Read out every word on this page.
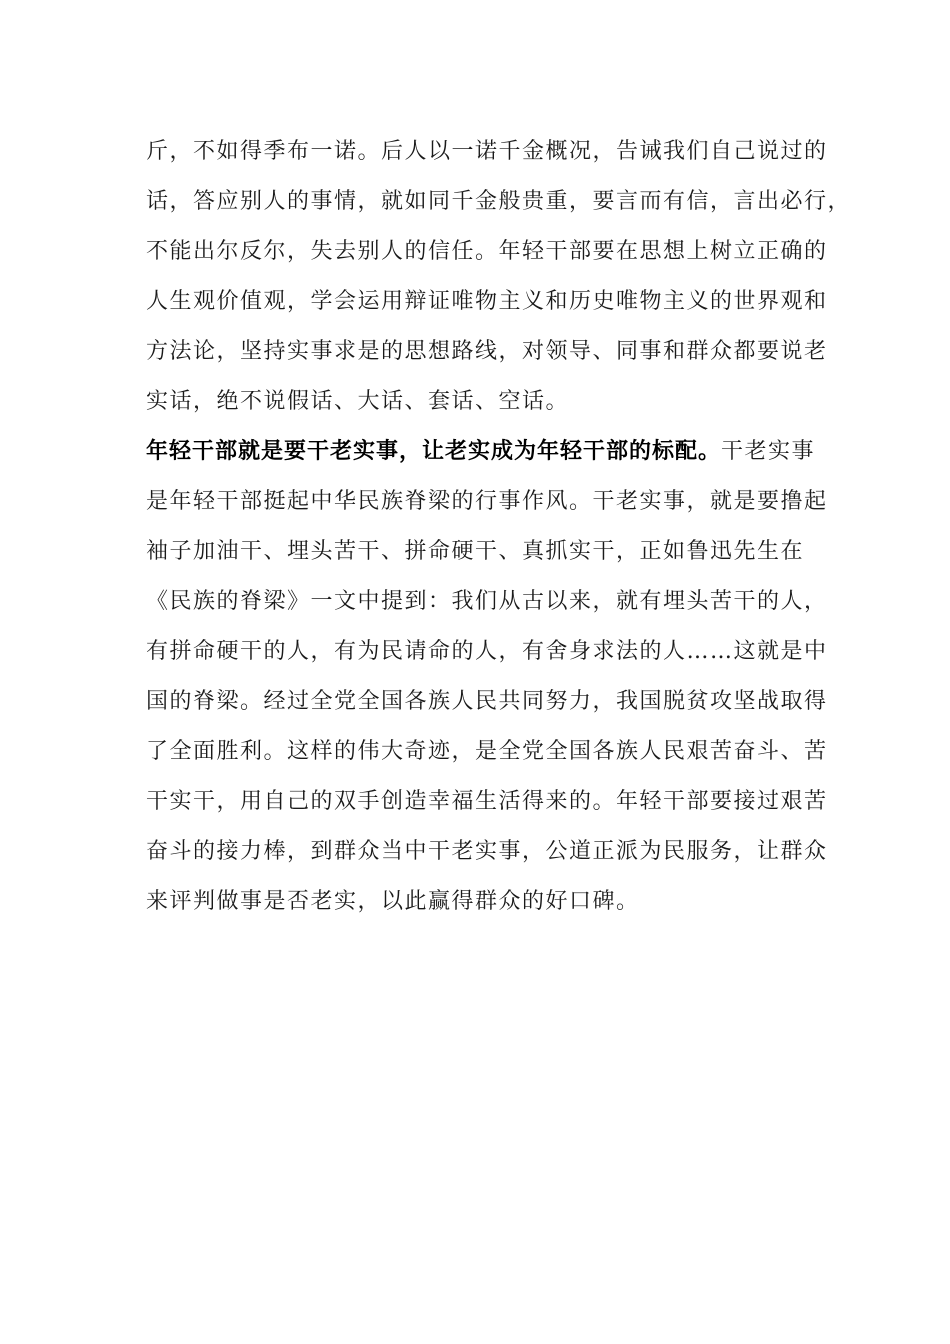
斤，不如得季布一诺。后人以一诺千金概况，告诫我们自己说过的
话，答应别人的事情，就如同千金般贵重，要言而有信，言出必行，
不能出尔反尔，失去别人的信任。年轻干部要在思想上树立正确的
人生观价值观，学会运用辩证唯物主义和历史唯物主义的世界观和
方法论，坚持实事求是的思想路线，对领导、同事和群众都要说老
实话，绝不说假话、大话、套话、空话。
年轻干部就是要干老实事，让老实成为年轻干部的标配。干老实事
是年轻干部挺起中华民族脊梁的行事作风。干老实事，就是要撸起
袖子加油干、埋头苦干、拼命硬干、真抓实干，正如鲁迅先生在
《民族的脊梁》一文中提到：我们从古以来，就有埋头苦干的人，
有拼命硬干的人，有为民请命的人，有舍身求法的人……这就是中
国的脊梁。经过全党全国各族人民共同努力，我国脱贫攻坚战取得
了全面胜利。这样的伟大奇迹，是全党全国各族人民艰苦奋斗、苦
干实干，用自己的双手创造幸福生活得来的。年轻干部要接过艰苦
奋斗的接力棒，到群众当中干老实事，公道正派为民服务，让群众
来评判做事是否老实，以此赢得群众的好口碑。
